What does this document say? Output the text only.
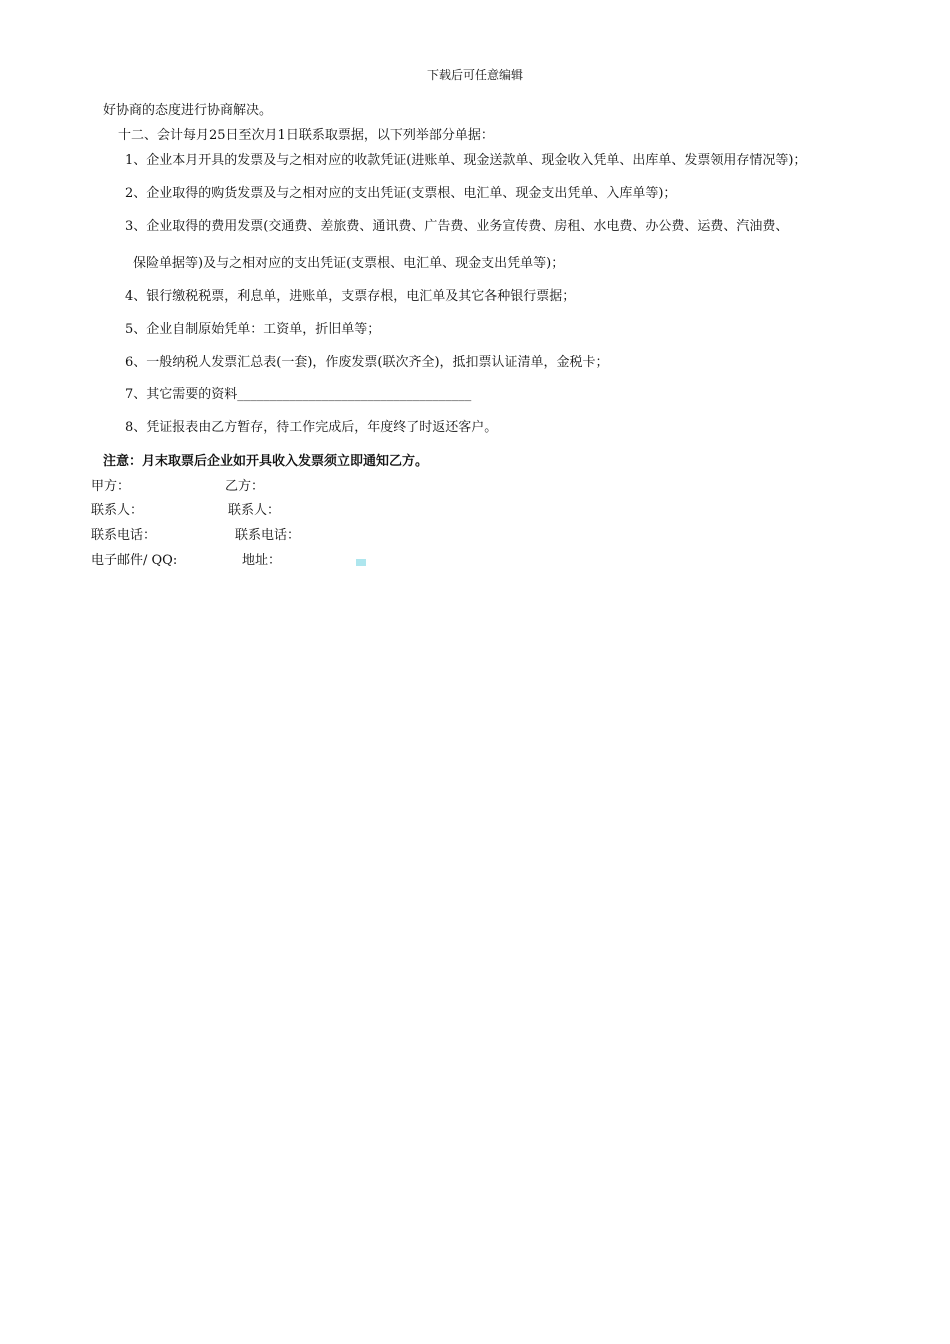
下载后可任意编辑
好协商的态度进行协商解决。
十二、会计每月25日至次月1日联系取票据，以下列举部分单据：
1、企业本月开具的发票及与之相对应的收款凭证(进账单、现金送款单、现金收入凭单、出库单、发票领用存情况等)；
2、企业取得的购货发票及与之相对应的支出凭证(支票根、电汇单、现金支出凭单、入库单等)；
3、企业取得的费用发票(交通费、差旅费、通讯费、广告费、业务宣传费、房租、水电费、办公费、运费、汽油费、
保险单据等)及与之相对应的支出凭证(支票根、电汇单、现金支出凭单等)；
4、银行缴税税票，利息单，进账单，支票存根，电汇单及其它各种银行票据；
5、企业自制原始凭单：工资单，折旧单等；
6、一般纳税人发票汇总表(一套)，作废发票(联次齐全)，抵扣票认证清单，金税卡；
7、其它需要的资料____________________________________
8、凭证报表由乙方暂存，待工作完成后，年度终了时返还客户。
注意：月末取票后企业如开具收入发票须立即通知乙方。
甲方：	乙方：
联系人：	联系人：
联系电话：	联系电话：
电子邮件/ QQ:	地址：
